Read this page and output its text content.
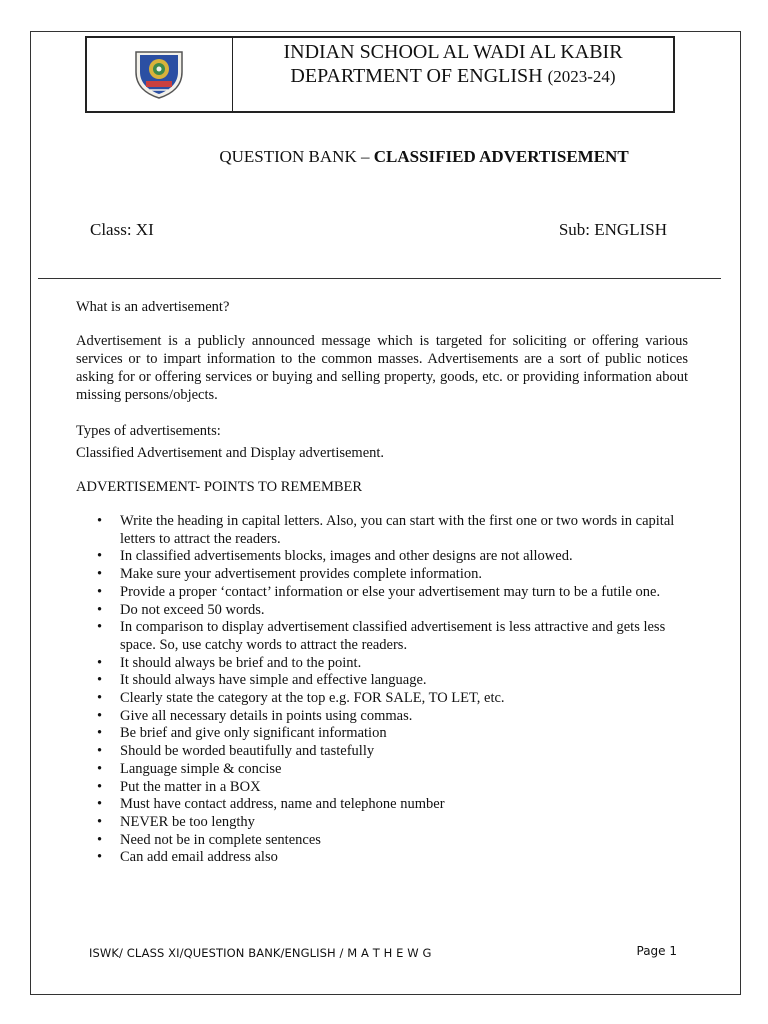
INDIAN SCHOOL AL WADI AL KABIR
DEPARTMENT OF ENGLISH (2023-24)
QUESTION BANK – CLASSIFIED ADVERTISEMENT
Class: XI	Sub: ENGLISH

What is an advertisement?

Advertisement is a publicly announced message which is targeted for soliciting or offering various services or to impart information to the common masses. Advertisements are a sort of public notices asking for or offering services or buying and selling property, goods, etc. or providing information about missing persons/objects.

Types of advertisements:

Classified Advertisement and Display advertisement.

ADVERTISEMENT- POINTS TO REMEMBER

• Write the heading in capital letters. Also, you can start with the first one or two words in capital letters to attract the readers.
• In classified advertisements blocks, images and other designs are not allowed.
• Make sure your advertisement provides complete information.
• Provide a proper ‘contact’ information or else your advertisement may turn to be a futile one.
• Do not exceed 50 words.
• In comparison to display advertisement classified advertisement is less attractive and gets less space. So, use catchy words to attract the readers.
• It should always be brief and to the point.
• It should always have simple and effective language.
• Clearly state the category at the top e.g. FOR SALE, TO LET, etc.
• Give all necessary details in points using commas.
• Be brief and give only significant information
• Should be worded beautifully and tastefully
• Language simple & concise
• Put the matter in a BOX
• Must have contact address, name and telephone number
• NEVER be too lengthy
• Need not be in complete sentences
• Can add email address also
ISWK/ CLASS XI/QUESTION BANK/ENGLISH / M A T H E W G	Page 1
